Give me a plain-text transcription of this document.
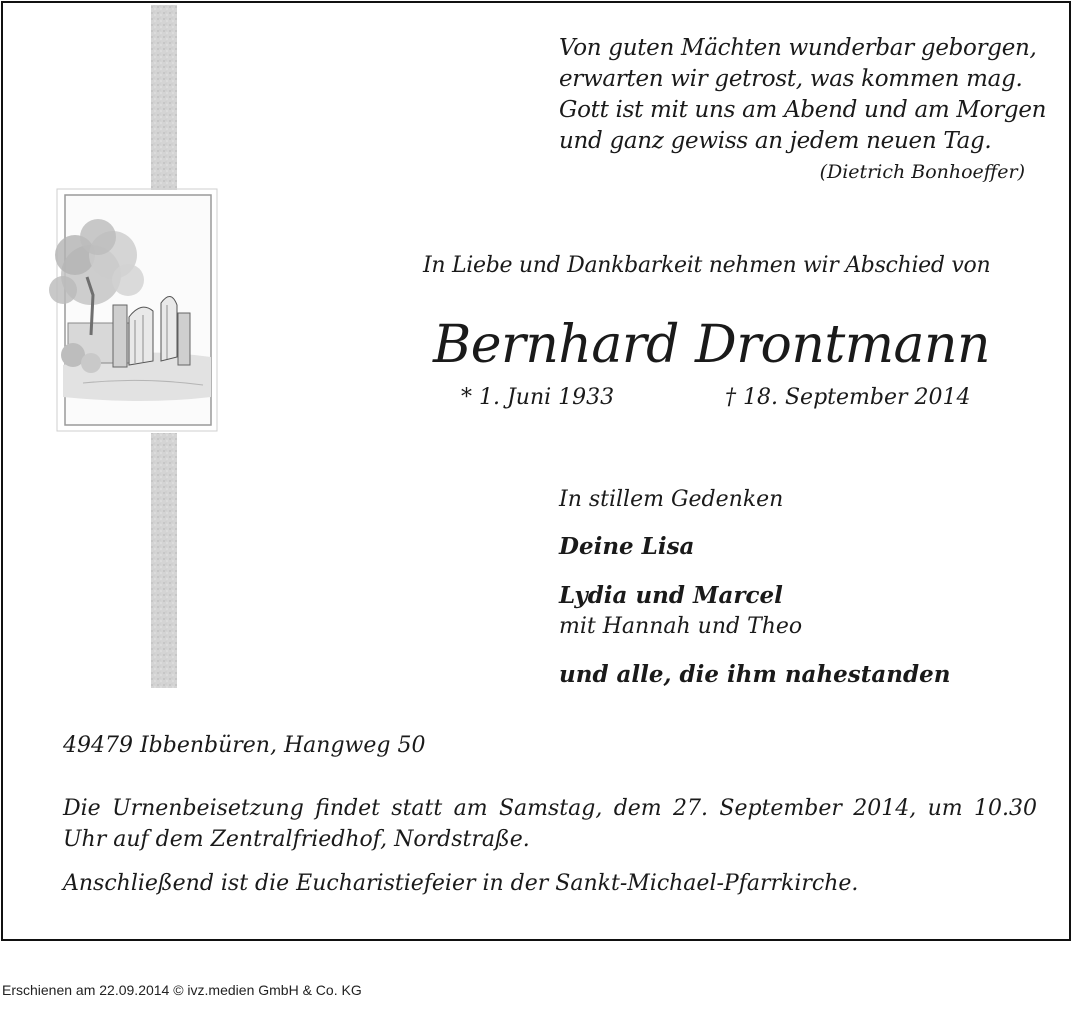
Von guten Mächten wunderbar geborgen,
erwarten wir getrost, was kommen mag.
Gott ist mit uns am Abend und am Morgen
und ganz gewiss an jedem neuen Tag.
(Dietrich Bonhoeffer)
In Liebe und Dankbarkeit nehmen wir Abschied von
Bernhard Drontmann
* 1. Juni 1933	† 18. September 2014
In stillem Gedenken
Deine Lisa
Lydia und Marcel
mit Hannah und Theo
und alle, die ihm nahestanden
49479 Ibbenbüren, Hangweg 50
Die Urnenbeisetzung findet statt am Samstag, dem 27. September 2014, um 10.30 Uhr auf dem Zentralfriedhof, Nordstraße.
Anschließend ist die Eucharistiefeier in der Sankt-Michael-Pfarrkirche.
Erschienen am 22.09.2014 © ivz.medien GmbH & Co. KG
